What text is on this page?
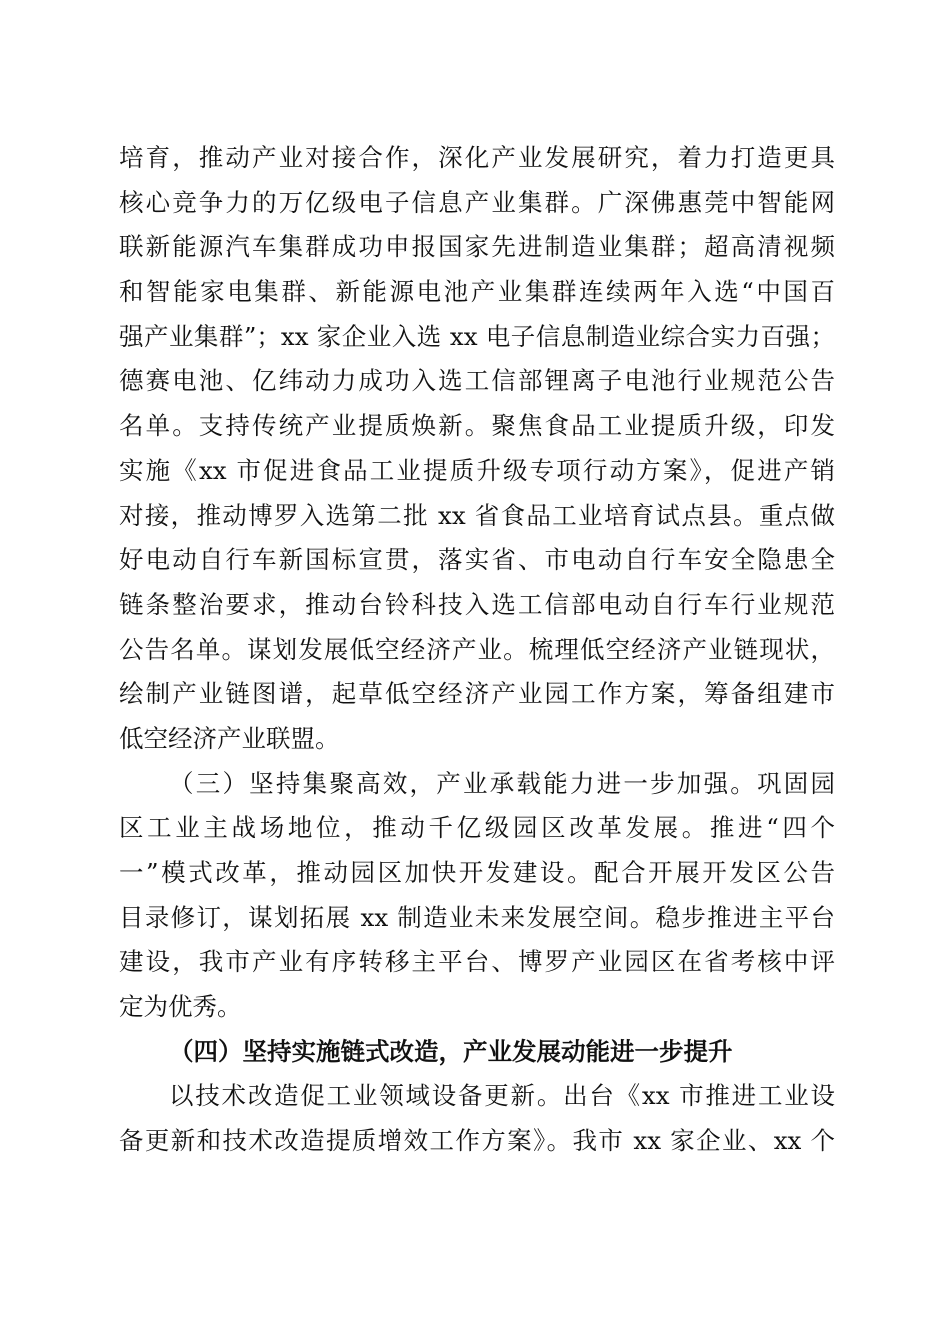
培育，推动产业对接合作，深化产业发展研究，着力打造更具
核心竞争力的万亿级电子信息产业集群。广深佛惠莞中智能网
联新能源汽车集群成功申报国家先进制造业集群；超高清视频
和智能家电集群、新能源电池产业集群连续两年入选“中国百
强产业集群”；xx 家企业入选 xx 电子信息制造业综合实力百强；
德赛电池、亿纬动力成功入选工信部锂离子电池行业规范公告
名单。支持传统产业提质焕新。聚焦食品工业提质升级，印发
实施《xx 市促进食品工业提质升级专项行动方案》，促进产销
对接，推动博罗入选第二批 xx 省食品工业培育试点县。重点做
好电动自行车新国标宣贯，落实省、市电动自行车安全隐患全
链条整治要求，推动台铃科技入选工信部电动自行车行业规范
公告名单。谋划发展低空经济产业。梳理低空经济产业链现状，
绘制产业链图谱，起草低空经济产业园工作方案，筹备组建市
低空经济产业联盟。
（三）坚持集聚高效，产业承载能力进一步加强。巩固园
区工业主战场地位，推动千亿级园区改革发展。推进“四个
一”模式改革，推动园区加快开发建设。配合开展开发区公告
目录修订，谋划拓展 xx 制造业未来发展空间。稳步推进主平台
建设，我市产业有序转移主平台、博罗产业园区在省考核中评
定为优秀。
（四）坚持实施链式改造，产业发展动能进一步提升
以技术改造促工业领域设备更新。出台《xx 市推进工业设
备更新和技术改造提质增效工作方案》。我市 xx 家企业、xx 个
